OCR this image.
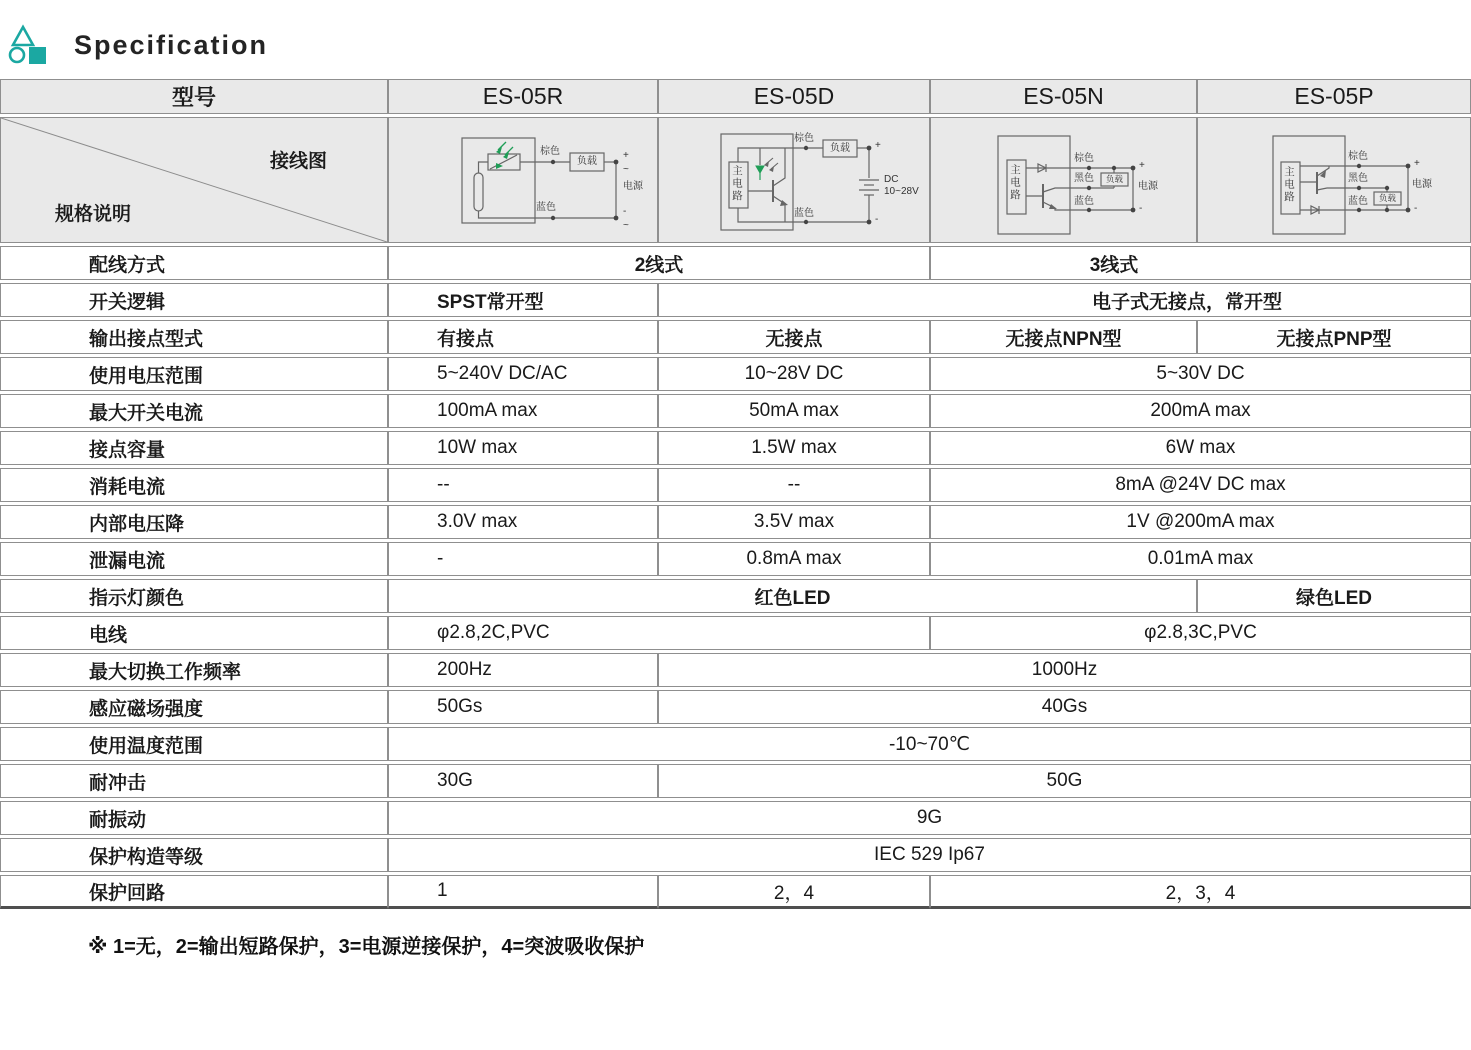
Specification
型号	ES-05R	ES-05D	ES-05N	ES-05P

接线图
规格说明

棕色
负载
+
~
电源
蓝色	-
~

主电路
棕色
负载	+
DC
10~28V
蓝色
-

主电路
棕色
黑色	负载
蓝色
+
电源
-

主电路
棕色
黑色
负载
蓝色
+
电源
-

配线方式	2线式		3线式	
开关逻辑	SPST常开型	电子式无接点，常开型		
输出接点型式	有接点	无接点	无接点NPN型	无接点PNP型
使用电压范围	5~240V DC/AC	10~28V DC	5~30V DC	
最大开关电流	100mA max	50mA max	200mA max	
接点容量	10W max	1.5W max	6W max	
消耗电流	--	--	8mA @24V DC max	
内部电压降	3.0V max	3.5V max	1V @200mA max	
泄漏电流	-	0.8mA max	0.01mA max	
指示灯颜色	红色LED			绿色LED
电线	φ2.8,2C,PVC		φ2.8,3C,PVC	
最大切换工作频率	200Hz	1000Hz		
感应磁场强度	50Gs	40Gs		
使用温度范围	-10~70℃			
耐冲击	30G	50G		
耐振动	9G			
保护构造等级	IEC 529 Ip67			
保护回路	1	2，4	2，3，4	
※ 1=无，2=输出短路保护，3=电源逆接保护，4=突波吸收保护
